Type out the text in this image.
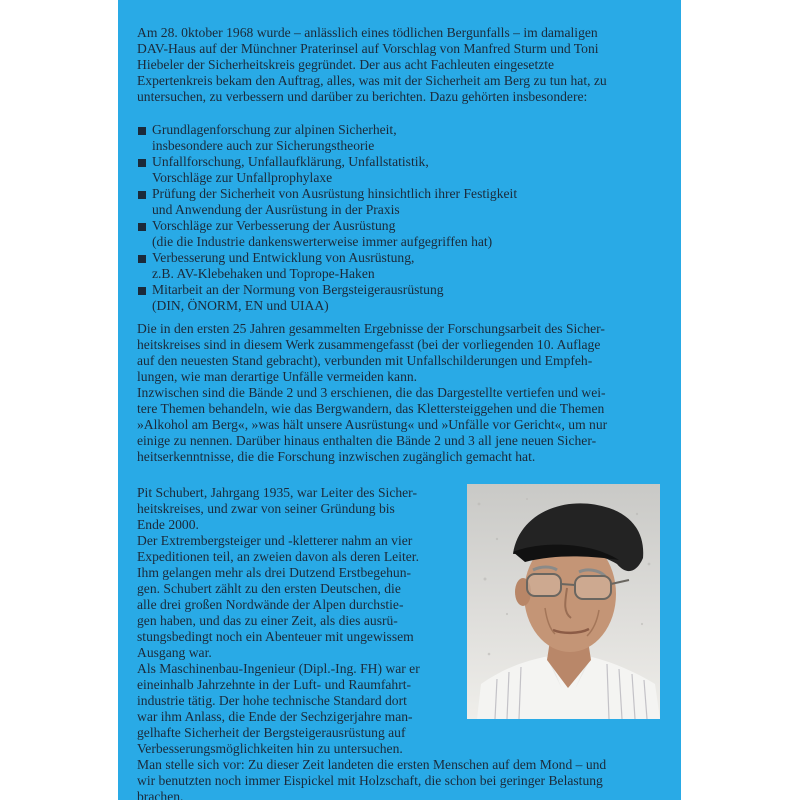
Am 28. 0ktober 1968 wurde – anlässlich eines tödlichen Bergunfalls – im damaligen
DAV-Haus auf der Münchner Praterinsel auf Vorschlag von Manfred Sturm und Toni
Hiebeler der Sicherheitskreis gegründet. Der aus acht Fachleuten eingesetzte
Expertenkreis bekam den Auftrag, alles, was mit der Sicherheit am Berg zu tun hat, zu
untersuchen, zu verbessern und darüber zu berichten. Dazu gehörten insbesondere:
Grundlagenforschung zur alpinen Sicherheit,
insbesondere auch zur Sicherungstheorie
Unfallforschung, Unfallaufklärung, Unfallstatistik,
Vorschläge zur Unfallprophylaxe
Prüfung der Sicherheit von Ausrüstung hinsichtlich ihrer Festigkeit
und Anwendung der Ausrüstung in der Praxis
Vorschläge zur Verbesserung der Ausrüstung
(die die Industrie dankenswerterweise immer aufgegriffen hat)
Verbesserung und Entwicklung von Ausrüstung,
z.B. AV-Klebehaken und Toprope-Haken
Mitarbeit an der Normung von Bergsteigerausrüstung
(DIN, ÖNORM, EN und UIAA)
Die in den ersten 25 Jahren gesammelten Ergebnisse der Forschungsarbeit des Sicher-
heitskreises sind in diesem Werk zusammengefasst (bei der vorliegenden 10. Auflage
auf den neuesten Stand gebracht), verbunden mit Unfallschilderungen und Empfeh-
lungen, wie man derartige Unfälle vermeiden kann.
Inzwischen sind die Bände 2 und 3 erschienen, die das Dargestellte vertiefen und wei-
tere Themen behandeln, wie das Bergwandern, das Klettersteiggehen und die Themen
»Alkohol am Berg«, »was hält unsere Ausrüstung« und »Unfälle vor Gericht«, um nur
einige zu nennen. Darüber hinaus enthalten die Bände 2 und 3 all jene neuen Sicher-
heitserkenntnisse, die die Forschung inzwischen zugänglich gemacht hat.
Pit Schubert, Jahrgang 1935, war Leiter des Sicher-
heitskreises, und zwar von seiner Gründung bis
Ende 2000.
Der Extrembergsteiger und -kletterer nahm an vier
Expeditionen teil, an zweien davon als deren Leiter.
Ihm gelangen mehr als drei Dutzend Erstbegehun-
gen. Schubert zählt zu den ersten Deutschen, die
alle drei großen Nordwände der Alpen durchstie-
gen haben, und das zu einer Zeit, als dies ausrü-
stungsbedingt noch ein Abenteuer mit ungewissem
Ausgang war.
Als Maschinenbau-Ingenieur (Dipl.-Ing. FH) war er
eineinhalb Jahrzehnte in der Luft- und Raumfahrt-
industrie tätig. Der hohe technische Standard dort
war ihm Anlass, die Ende der Sechzigerjahre man-
gelhafte Sicherheit der Bergsteigerausrüstung auf
Verbesserungsmöglichkeiten hin zu untersuchen.
Man stelle sich vor: Zu dieser Zeit landeten die ersten Menschen auf dem Mond – und
wir benutzten noch immer Eispickel mit Holzschaft, die schon bei geringer Belastung
brachen.
